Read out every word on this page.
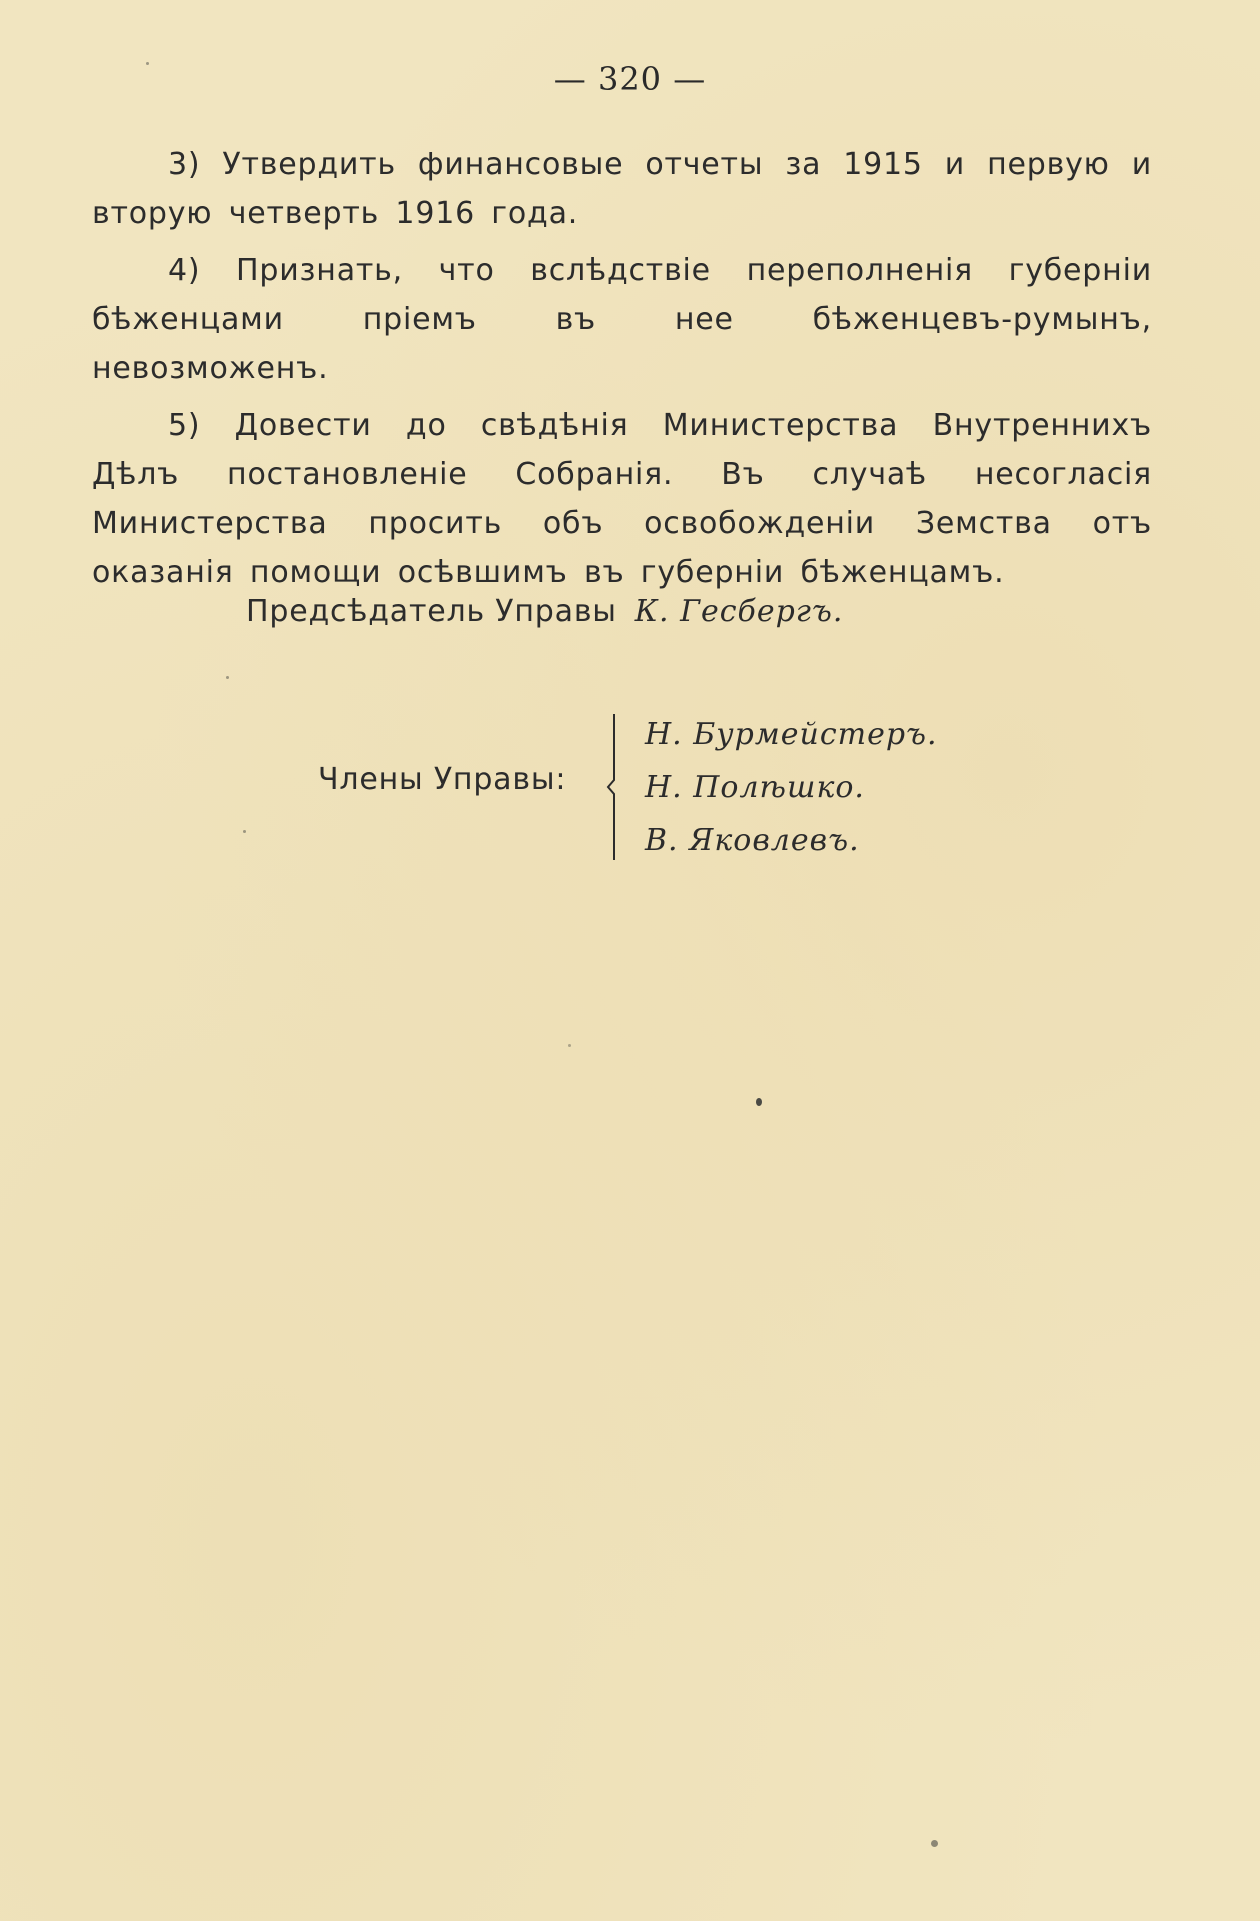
— 320 —

3) Утвердить финансовые отчеты за 1915 и первую и вторую четверть 1916 года.

4) Признать, что вслѣдствіе переполненія губерніи бѣженцами пріемъ въ нее бѣженцевъ-румынъ, невозможенъ.

5) Довести до свѣдѣнія Министерства Внутреннихъ Дѣлъ постановленіе Собранія. Въ случаѣ несогласія Министерства просить объ освобожденіи Земства отъ оказанія помощи осѣвшимъ въ губерніи бѣженцамъ.

Предсѣдатель Управы К. Гесбергъ.
Члены Управы:
Н. Бурмейстеръ.
Н. Полѣшко.
В. Яковлевъ.
